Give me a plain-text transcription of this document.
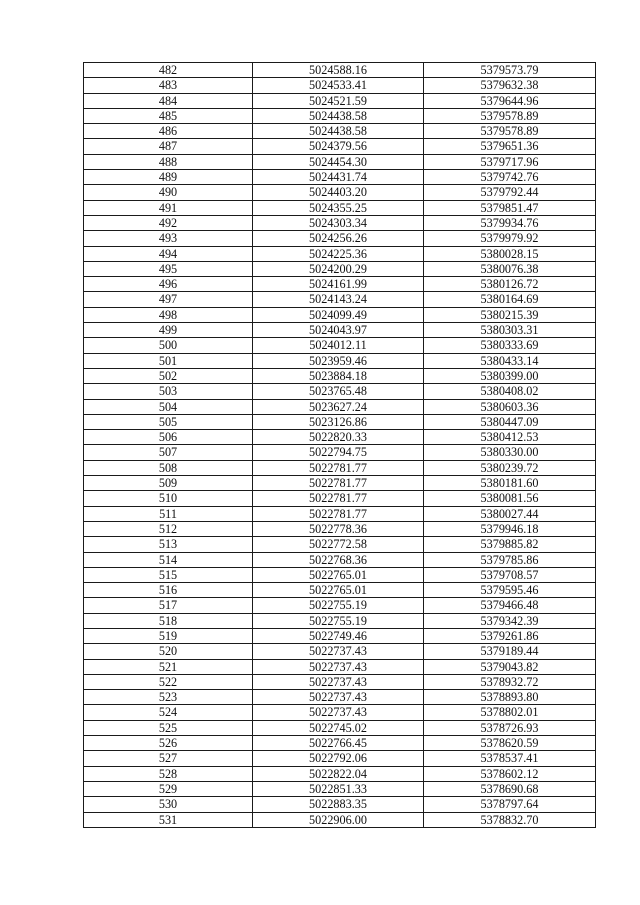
482	5024588.16	5379573.79
483	5024533.41	5379632.38
484	5024521.59	5379644.96
485	5024438.58	5379578.89
486	5024438.58	5379578.89
487	5024379.56	5379651.36
488	5024454.30	5379717.96
489	5024431.74	5379742.76
490	5024403.20	5379792.44
491	5024355.25	5379851.47
492	5024303.34	5379934.76
493	5024256.26	5379979.92
494	5024225.36	5380028.15
495	5024200.29	5380076.38
496	5024161.99	5380126.72
497	5024143.24	5380164.69
498	5024099.49	5380215.39
499	5024043.97	5380303.31
500	5024012.11	5380333.69
501	5023959.46	5380433.14
502	5023884.18	5380399.00
503	5023765.48	5380408.02
504	5023627.24	5380603.36
505	5023126.86	5380447.09
506	5022820.33	5380412.53
507	5022794.75	5380330.00
508	5022781.77	5380239.72
509	5022781.77	5380181.60
510	5022781.77	5380081.56
511	5022781.77	5380027.44
512	5022778.36	5379946.18
513	5022772.58	5379885.82
514	5022768.36	5379785.86
515	5022765.01	5379708.57
516	5022765.01	5379595.46
517	5022755.19	5379466.48
518	5022755.19	5379342.39
519	5022749.46	5379261.86
520	5022737.43	5379189.44
521	5022737.43	5379043.82
522	5022737.43	5378932.72
523	5022737.43	5378893.80
524	5022737.43	5378802.01
525	5022745.02	5378726.93
526	5022766.45	5378620.59
527	5022792.06	5378537.41
528	5022822.04	5378602.12
529	5022851.33	5378690.68
530	5022883.35	5378797.64
531	5022906.00	5378832.70
